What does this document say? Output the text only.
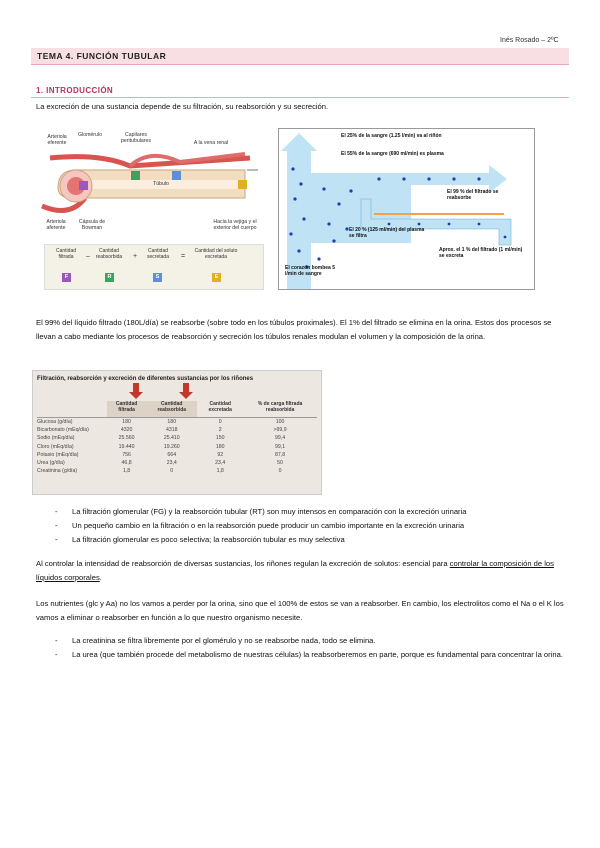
Inés Rosado – 2ºC
TEMA 4. FUNCIÓN TUBULAR
1. INTRODUCCIÓN
La excreción de una sustancia depende de su filtración, su reabsorción y su secreción.
Arteriola eferente
Glomérulo	Capilares peritubulares	A la vena renal
Túbulo
Arteriola aferente
Cápsula de Bowman
Hacia la vejiga y el exterior del cuerpo
Cantidad filtrada	–
Cantidad reabsorbida	+
Cantidad secretada	=
Cantidad del soluto excretada
F	R	S	E
El 25% de la sangre (1.25 l/min) va al riñón
El 55% de la sangre (690 ml/min) es plasma
El 99 % del filtrado se reabsorbe
El 20 % (125 ml/min) del plasma se filtra
El corazón bombea 5 l/min de sangre
Aprox. el 1 % del filtrado (1 ml/min) se excreta
El 99% del líquido filtrado (180L/día) se reabsorbe (sobre todo en los túbulos proximales). El 1% del filtrado se elimina en la orina. Estos dos procesos se llevan a cabo mediante los procesos de reabsorción y secreción los túbulos renales modulan el volumen y la composición de la orina.
Filtración, reabsorción y excreción de diferentes sustancias por los riñones
	Cantidad filtrada	Cantidad reabsorbida	Cantidad excretada	% de carga filtrada reabsorbida
Glucosa (g/día)	180	180	0	100
Bicarbonato (mEq/día)	4320	4318	2	>99,9
Sodio (mEq/día)	25.560	25.410	150	99,4
Cloro (mEq/día)	19.440	19.260	180	99,1
Potasio (mEq/día)	756	664	92	87,8
Urea (g/día)	46,8	23,4	23,4	50
Creatinina (g/día)	1,8	0	1,8	0
- La filtración glomerular (FG) y la reabsorción tubular (RT) son muy intensos en comparación con la excreción urinaria
- Un pequeño cambio en la filtración o en la reabsorción puede producir un cambio importante en la excreción urinaria
- La filtración glomerular es poco selectiva; la reabsorción tubular es muy selectiva
Al controlar la intensidad de reabsorción de diversas sustancias, los riñones regulan la excreción de solutos: esencial para controlar la composición de los líquidos corporales.
Los nutrientes (glc y Aa) no los vamos a perder por la orina, sino que el 100% de estos se van a reabsorber. En cambio, los electrolitos como el Na o el K los vamos a eliminar o reabsorber en función a lo que nuestro organismo necesite.
- La creatinina se filtra libremente por el glomérulo y no se reabsorbe nada, todo se elimina.
- La urea (que también procede del metabolismo de nuestras células) la reabsorberemos en parte, porque es fundamental para concentrar la orina.
